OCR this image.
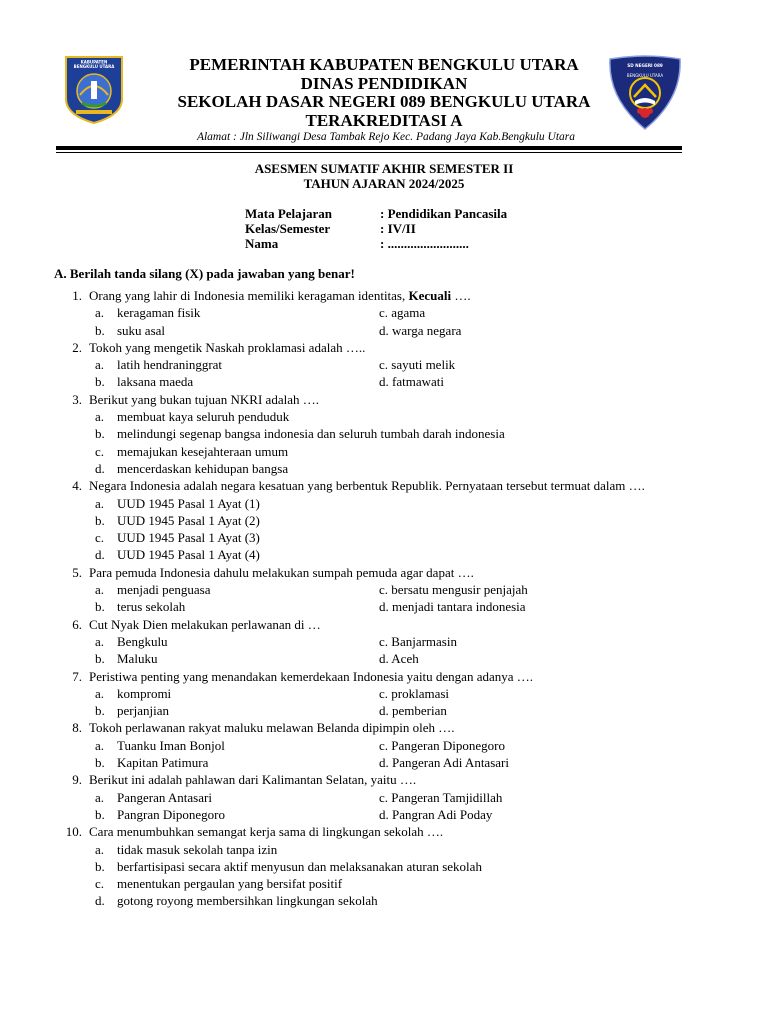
KABUPATEN
BENGKULU UTARA	PEMERINTAH KABUPATEN BENGKULU UTARA
DINAS PENDIDIKAN
SEKOLAH DASAR NEGERI 089 BENGKULU UTARA
TERAKREDITASI A
SD NEGERI 089
BENGKULU UTARA
Alamat : Jln Siliwangi Desa Tambak Rejo Kec. Padang Jaya Kab.Bengkulu Utara
ASESMEN SUMATIF AKHIR SEMESTER II
TAHUN AJARAN 2024/2025
Mata Pelajaran	: Pendidikan Pancasila
Kelas/Semester	: IV/II
Nama	: .........................
A. Berilah tanda silang (X) pada jawaban yang benar!
1. Orang yang lahir di Indonesia memiliki keragaman identitas, Kecuali ….
a. keragaman fisik	c. agama
b. suku asal	d. warga negara
2. Tokoh yang mengetik Naskah proklamasi adalah …..
a. latih hendraninggrat	c. sayuti melik
b. laksana maeda	d. fatmawati
3. Berikut yang bukan tujuan NKRI adalah ….
a. membuat kaya seluruh penduduk
b. melindungi segenap bangsa indonesia dan seluruh tumbah darah indonesia
c. memajukan kesejahteraan umum
d. mencerdaskan kehidupan bangsa
4. Negara Indonesia adalah negara kesatuan yang berbentuk Republik. Pernyataan tersebut termuat dalam ….
a. UUD 1945 Pasal 1 Ayat (1)
b. UUD 1945 Pasal 1 Ayat (2)
c. UUD 1945 Pasal 1 Ayat (3)
d. UUD 1945 Pasal 1 Ayat (4)
5. Para pemuda Indonesia dahulu melakukan sumpah pemuda agar dapat ….
a. menjadi penguasa	c. bersatu mengusir penjajah
b. terus sekolah	d. menjadi tantara indonesia
6. Cut Nyak Dien melakukan perlawanan di …
a. Bengkulu	c. Banjarmasin
b. Maluku	d. Aceh
7. Peristiwa penting yang menandakan kemerdekaan Indonesia yaitu dengan adanya ….
a. kompromi	c. proklamasi
b. perjanjian	d. pemberian
8. Tokoh perlawanan rakyat maluku melawan Belanda dipimpin oleh ….
a. Tuanku Iman Bonjol	c. Pangeran Diponegoro
b. Kapitan Patimura	d. Pangeran Adi Antasari
9. Berikut ini adalah pahlawan dari Kalimantan Selatan, yaitu ….
a. Pangeran Antasari	c. Pangeran Tamjidillah
b. Pangran Diponegoro	d. Pangran Adi Poday
10. Cara menumbuhkan semangat kerja sama di lingkungan sekolah ….
a. tidak masuk sekolah tanpa izin
b. berfartisipasi secara aktif menyusun dan melaksanakan aturan sekolah
c. menentukan pergaulan yang bersifat positif
d. gotong royong membersihkan lingkungan sekolah
